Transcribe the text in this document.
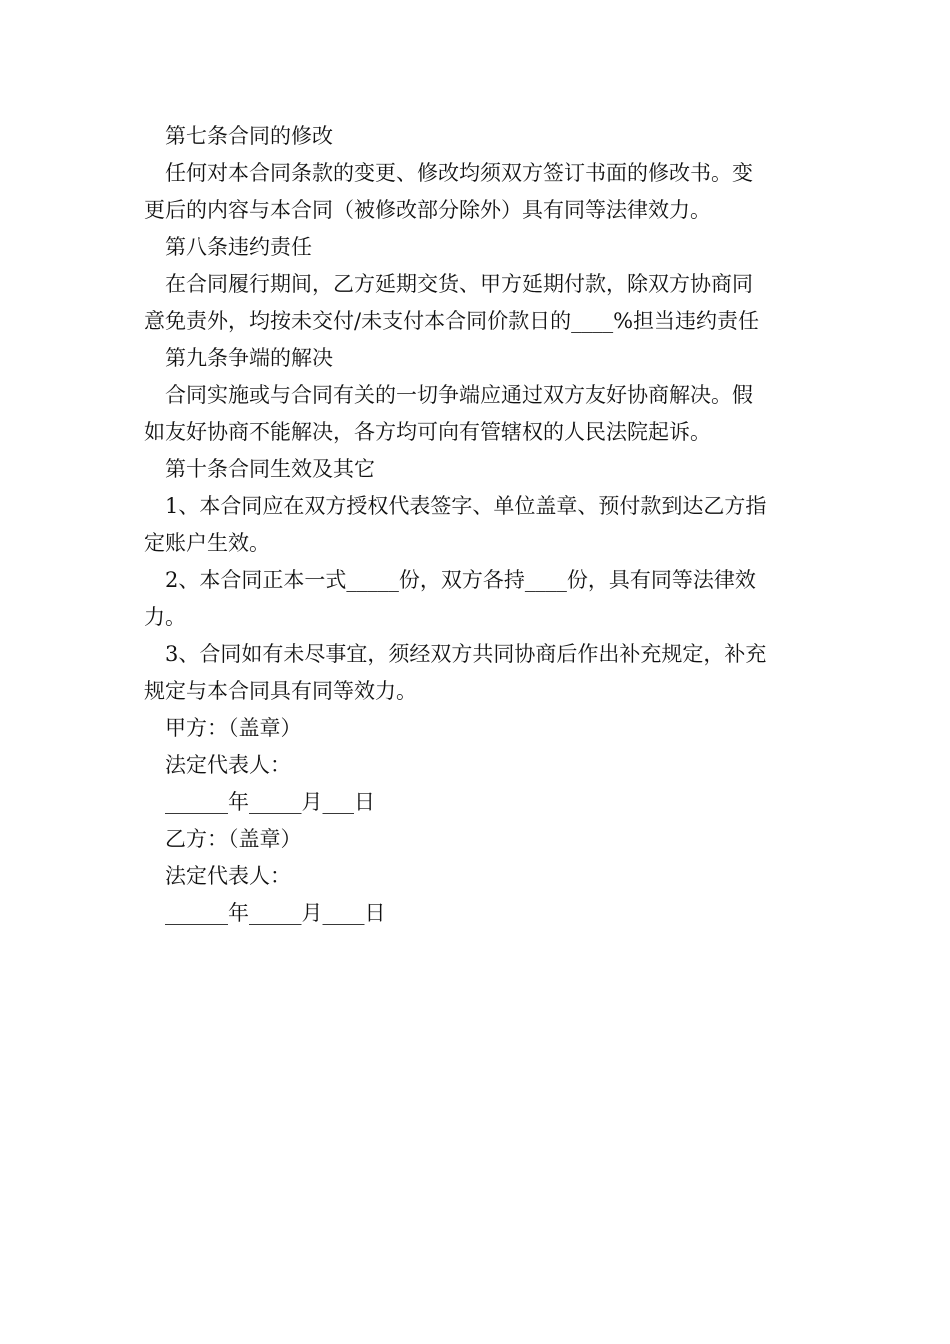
第七条合同的修改
任何对本合同条款的变更、修改均须双方签订书面的修改书。变
更后的内容与本合同（被修改部分除外）具有同等法律效力。
第八条违约责任
在合同履行期间，乙方延期交货、甲方延期付款，除双方协商同
意免责外，均按未交付/未支付本合同价款日的____%担当违约责任
第九条争端的解决
合同实施或与合同有关的一切争端应通过双方友好协商解决。假
如友好协商不能解决，各方均可向有管辖权的人民法院起诉。
第十条合同生效及其它
1、本合同应在双方授权代表签字、单位盖章、预付款到达乙方指
定账户生效。
2、本合同正本一式_____份，双方各持____份，具有同等法律效
力。
3、合同如有未尽事宜，须经双方共同协商后作出补充规定，补充
规定与本合同具有同等效力。
甲方：（盖章）
法定代表人：
______年_____月___日
乙方：（盖章）
法定代表人：
______年_____月____日
